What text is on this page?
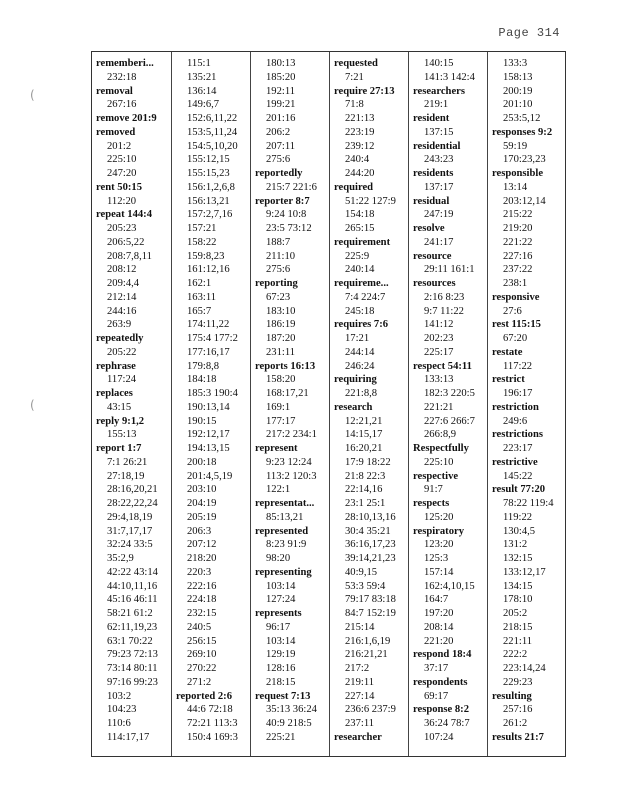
Page 314
(
(
rememberi...
232:18
removal
267:16
remove 201:9
removed
201:2
225:10
247:20
rent 50:15
112:20
repeat 144:4
205:23
206:5,22
208:7,8,11
208:12
209:4,4
212:14
244:16
263:9
repeatedly
205:22
rephrase
117:24
replaces
43:15
reply 9:1,2
155:13
report 1:7
7:1 26:21
27:18,19
28:16,20,21
28:22,22,24
29:4,18,19
31:7,17,17
32:24 33:5
35:2,9
42:22 43:14
44:10,11,16
45:16 46:11
58:21 61:2
62:11,19,23
63:1 70:22
79:23 72:13
73:14 80:11
97:16 99:23
103:2
104:23
110:6
114:17,17
115:1
135:21
136:14
149:6,7
152:6,11,22
153:5,11,24
154:5,10,20
155:12,15
155:15,23
156:1,2,6,8
156:13,21
157:2,7,16
157:21
158:22
159:8,23
161:12,16
162:1
163:11
165:7
174:11,22
175:4 177:2
177:16,17
179:8,8
184:18
185:3 190:4
190:13,14
190:15
192:12,17
194:13,15
200:18
201:4,5,19
203:10
204:19
205:19
206:3
207:12
218:20
220:3
222:16
224:18
232:15
240:5
256:15
269:10
270:22
271:2
reported 2:6
44:6 72:18
72:21 113:3
150:4 169:3
180:13
185:20
192:11
199:21
201:16
206:2
207:11
275:6
reportedly
215:7 221:6
reporter 8:7
9:24 10:8
23:5 73:12
188:7
211:10
275:6
reporting
67:23
183:10
186:19
187:20
231:11
reports 16:13
158:20
168:17,21
169:1
177:17
217:2 234:1
represent
9:23 12:24
113:2 120:3
122:1
representat...
85:13,21
represented
8:23 91:9
98:20
representing
103:14
127:24
represents
96:17
103:14
129:19
128:16
218:15
request 7:13
35:13 36:24
40:9 218:5
225:21
requested
7:21
require 27:13
71:8
221:13
223:19
239:12
240:4
244:20
required
51:22 127:9
154:18
265:15
requirement
225:9
240:14
requireme...
7:4 224:7
245:18
requires 7:6
17:21
244:14
246:24
requiring
221:8,8
research
12:21,21
14:15,17
16:20,21
17:9 18:22
21:8 22:3
22:14,16
23:1 25:1
28:10,13,16
30:4 35:21
36:16,17,23
39:14,21,23
40:9,15
53:3 59:4
79:17 83:18
84:7 152:19
215:14
216:1,6,19
216:21,21
217:2
219:11
227:14
236:6 237:9
237:11
researcher
140:15
141:3 142:4
researchers
219:1
resident
137:15
residential
243:23
residents
137:17
residual
247:19
resolve
241:17
resource
29:11 161:1
resources
2:16 8:23
9:7 11:22
141:12
202:23
225:17
respect 54:11
133:13
182:3 220:5
221:21
227:6 266:7
266:8,9
Respectfully
225:10
respective
91:7
respects
125:20
respiratory
123:20
125:3
157:14
162:4,10,15
164:7
197:20
208:14
221:20
respond 18:4
37:17
respondents
69:17
response 8:2
36:24 78:7
107:24
133:3
158:13
200:19
201:10
253:5,12
responses 9:2
59:19
170:23,23
responsible
13:14
203:12,14
215:22
219:20
221:22
227:16
237:22
238:1
responsive
27:6
rest 115:15
67:20
restate
117:22
restrict
196:17
restriction
249:6
restrictions
223:17
restrictive
145:22
result 77:20
78:22 119:4
119:22
130:4,5
131:2
132:15
133:12,17
134:15
178:10
205:2
218:15
221:11
222:2
223:14,24
229:23
resulting
257:16
261:2
results 21:7
